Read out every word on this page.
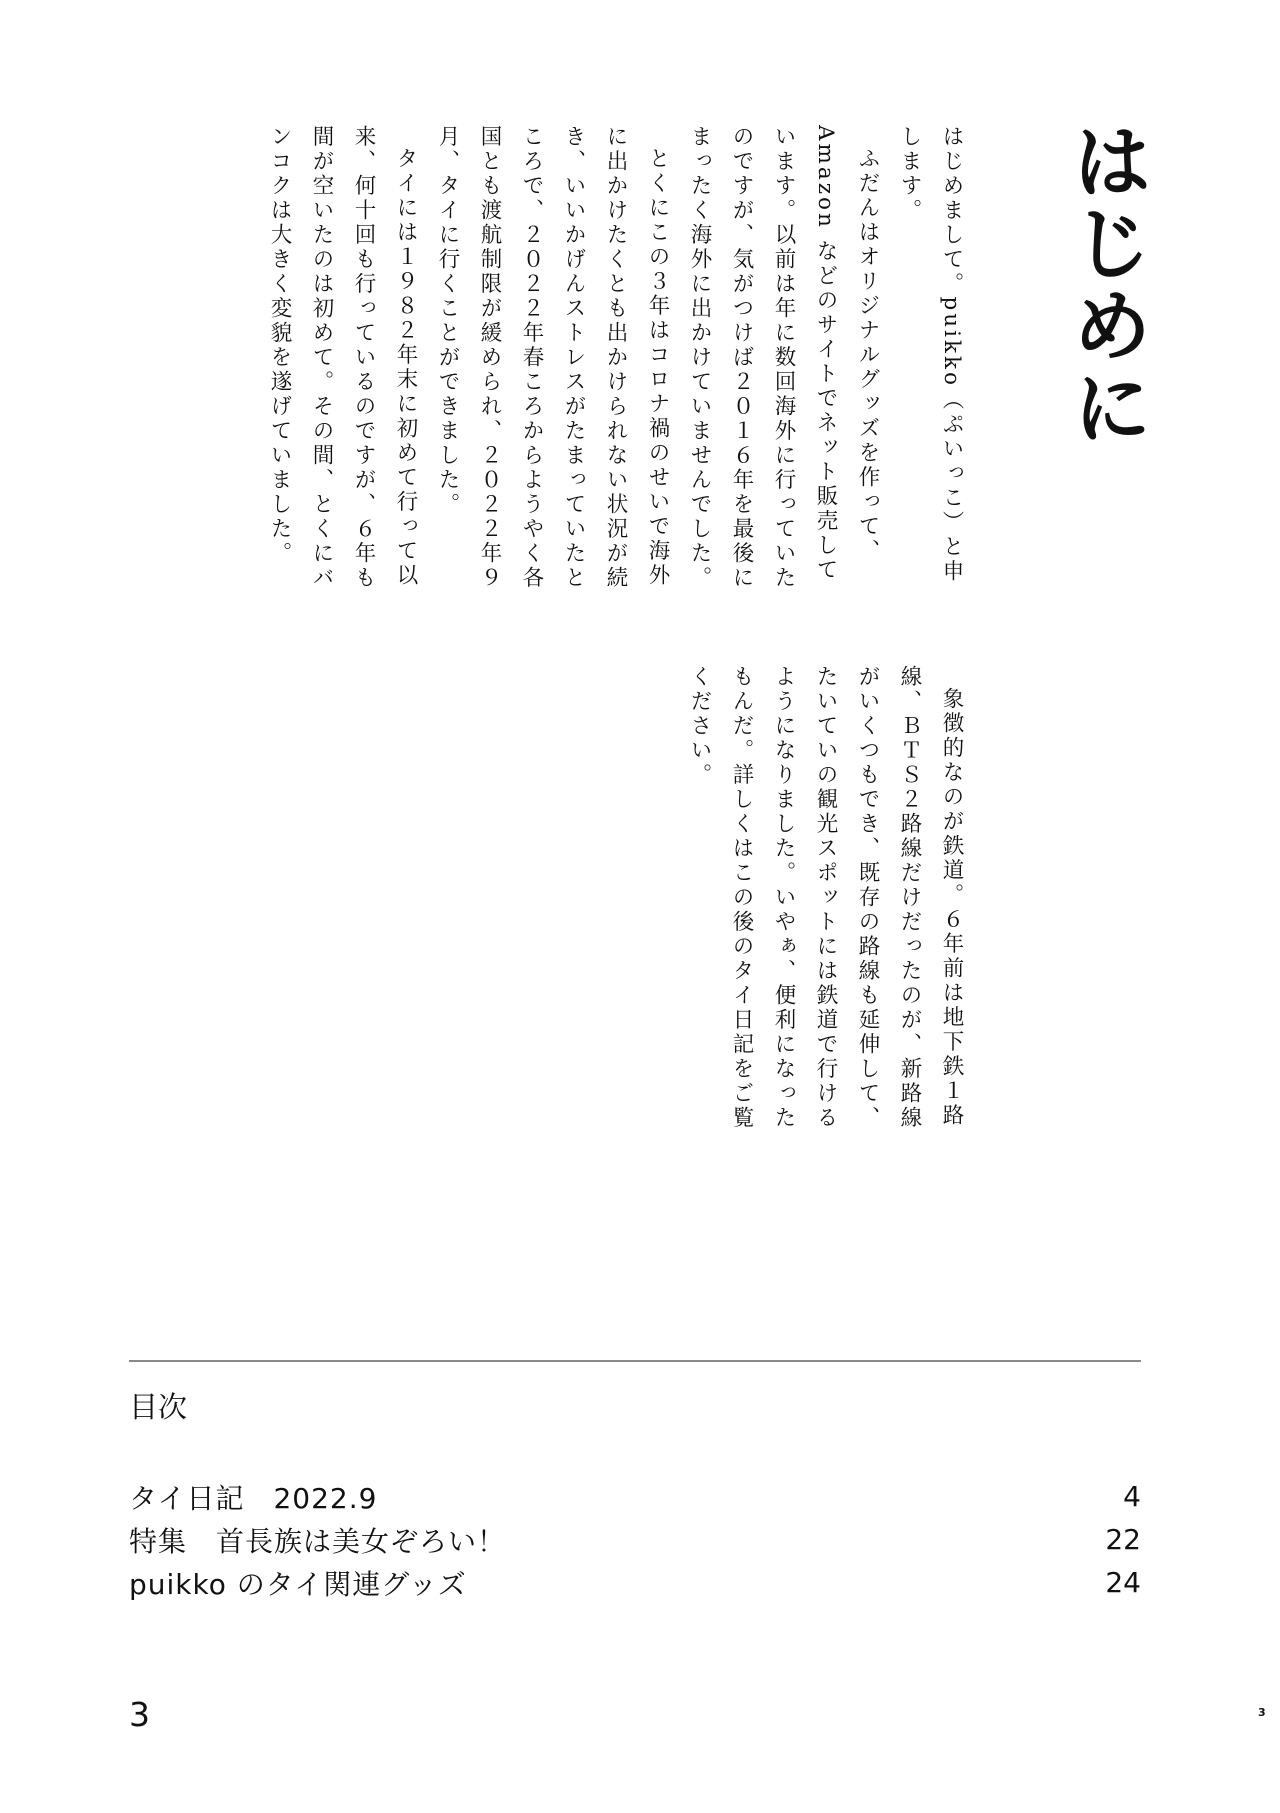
はじめに

はじめまして。puikko（ぷいっこ）と申します。

ふだんはオリジナルグッズを作って、Amazon などのサイトでネット販売しています。以前は年に数回海外に行っていたのですが、気がつけば２０１６年を最後にまったく海外に出かけていませんでした。

とくにこの３年はコロナ禍のせいで海外に出かけたくとも出かけられない状況が続き、いいかげんストレスがたまっていたところで、２０２２年春ころからようやく各国とも渡航制限が緩められ、２０２２年９月、タイに行くことができました。

タイには１９８２年末に初めて行って以来、何十回も行っているのですが、６年も間が空いたのは初めて。その間、とくにバンコクは大きく変貌を遂げていました。

象徴的なのが鉄道。６年前は地下鉄１路線、ＢＴＳ２路線だけだったのが、新路線がいくつもでき、既存の路線も延伸して、たいていの観光スポットには鉄道で行けるようになりました。いやぁ、便利になったもんだ。詳しくはこの後のタイ日記をご覧ください。

目次
タイ日記　2022.9	4
特集　首長族は美女ぞろい！	22
puikko のタイ関連グッズ	24
3	3
